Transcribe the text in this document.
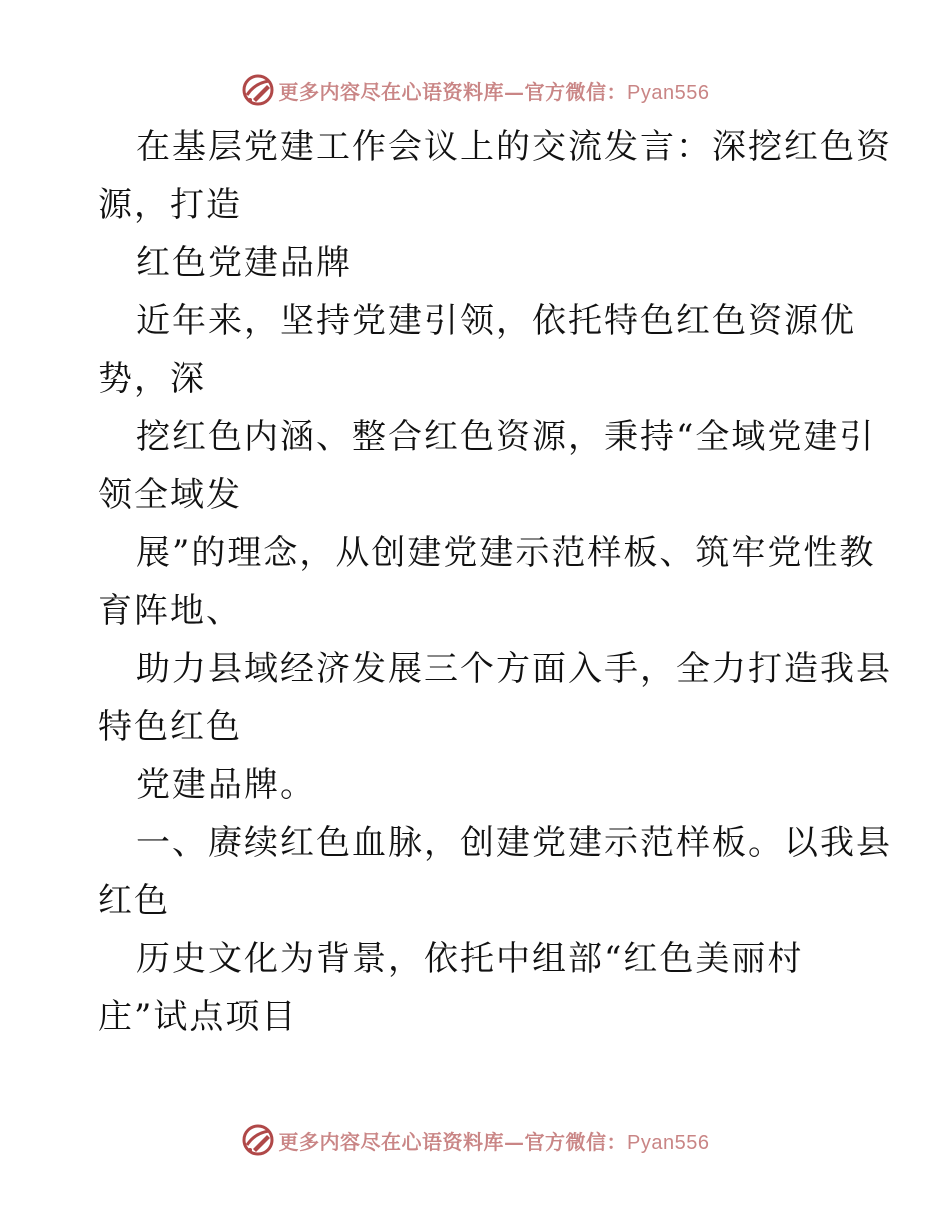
更多内容尽在心语资料库—官方微信：Pyan556
在基层党建工作会议上的交流发言：深挖红色资
源，打造
红色党建品牌
近年来，坚持党建引领，依托特色红色资源优
势，深
挖红色内涵、整合红色资源，秉持“全域党建引
领全域发
展”的理念，从创建党建示范样板、筑牢党性教
育阵地、
助力县域经济发展三个方面入手，全力打造我县
特色红色
党建品牌。
一、赓续红色血脉，创建党建示范样板。以我县
红色
历史文化为背景，依托中组部“红色美丽村
庄”试点项目
更多内容尽在心语资料库—官方微信：Pyan556
